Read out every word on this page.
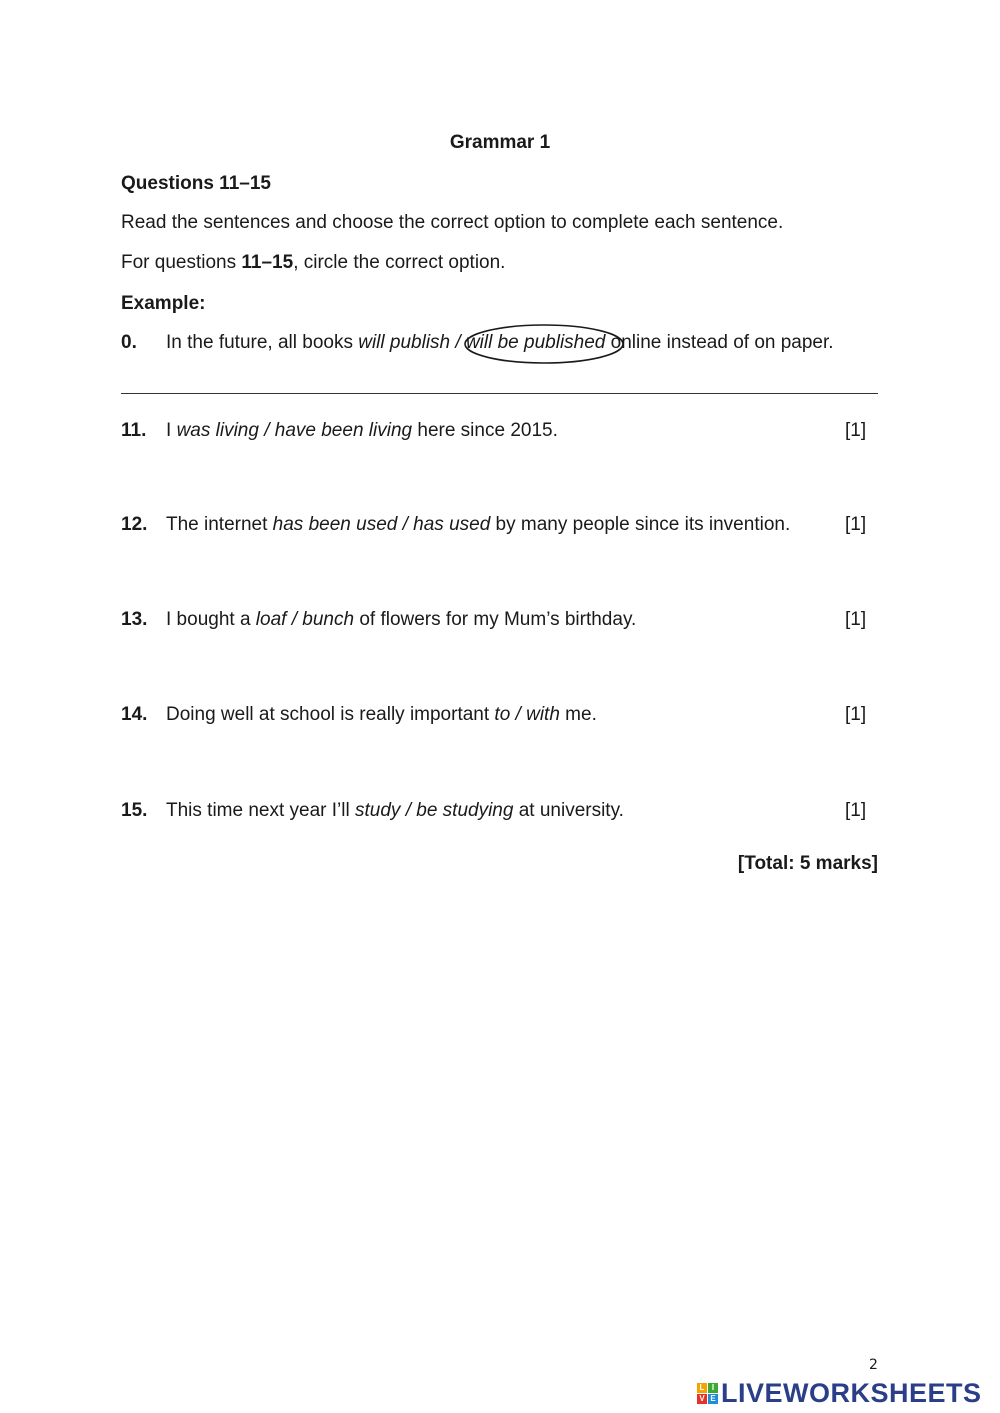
Grammar 1
Questions 11–15
Read the sentences and choose the correct option to complete each sentence.
For questions 11–15, circle the correct option.
Example:
0. In the future, all books will publish / will be published online instead of on paper.
11. I was living / have been living here since 2015.	[1]
12. The internet has been used / has used by many people since its invention.	[1]
13. I bought a loaf / bunch of flowers for my Mum’s birthday.	[1]
14. Doing well at school is really important to / with me.	[1]
15. This time next year I’ll study / be studying at university.	[1]
[Total: 5 marks]
2
L I
V E LIVEWORKSHEETS
